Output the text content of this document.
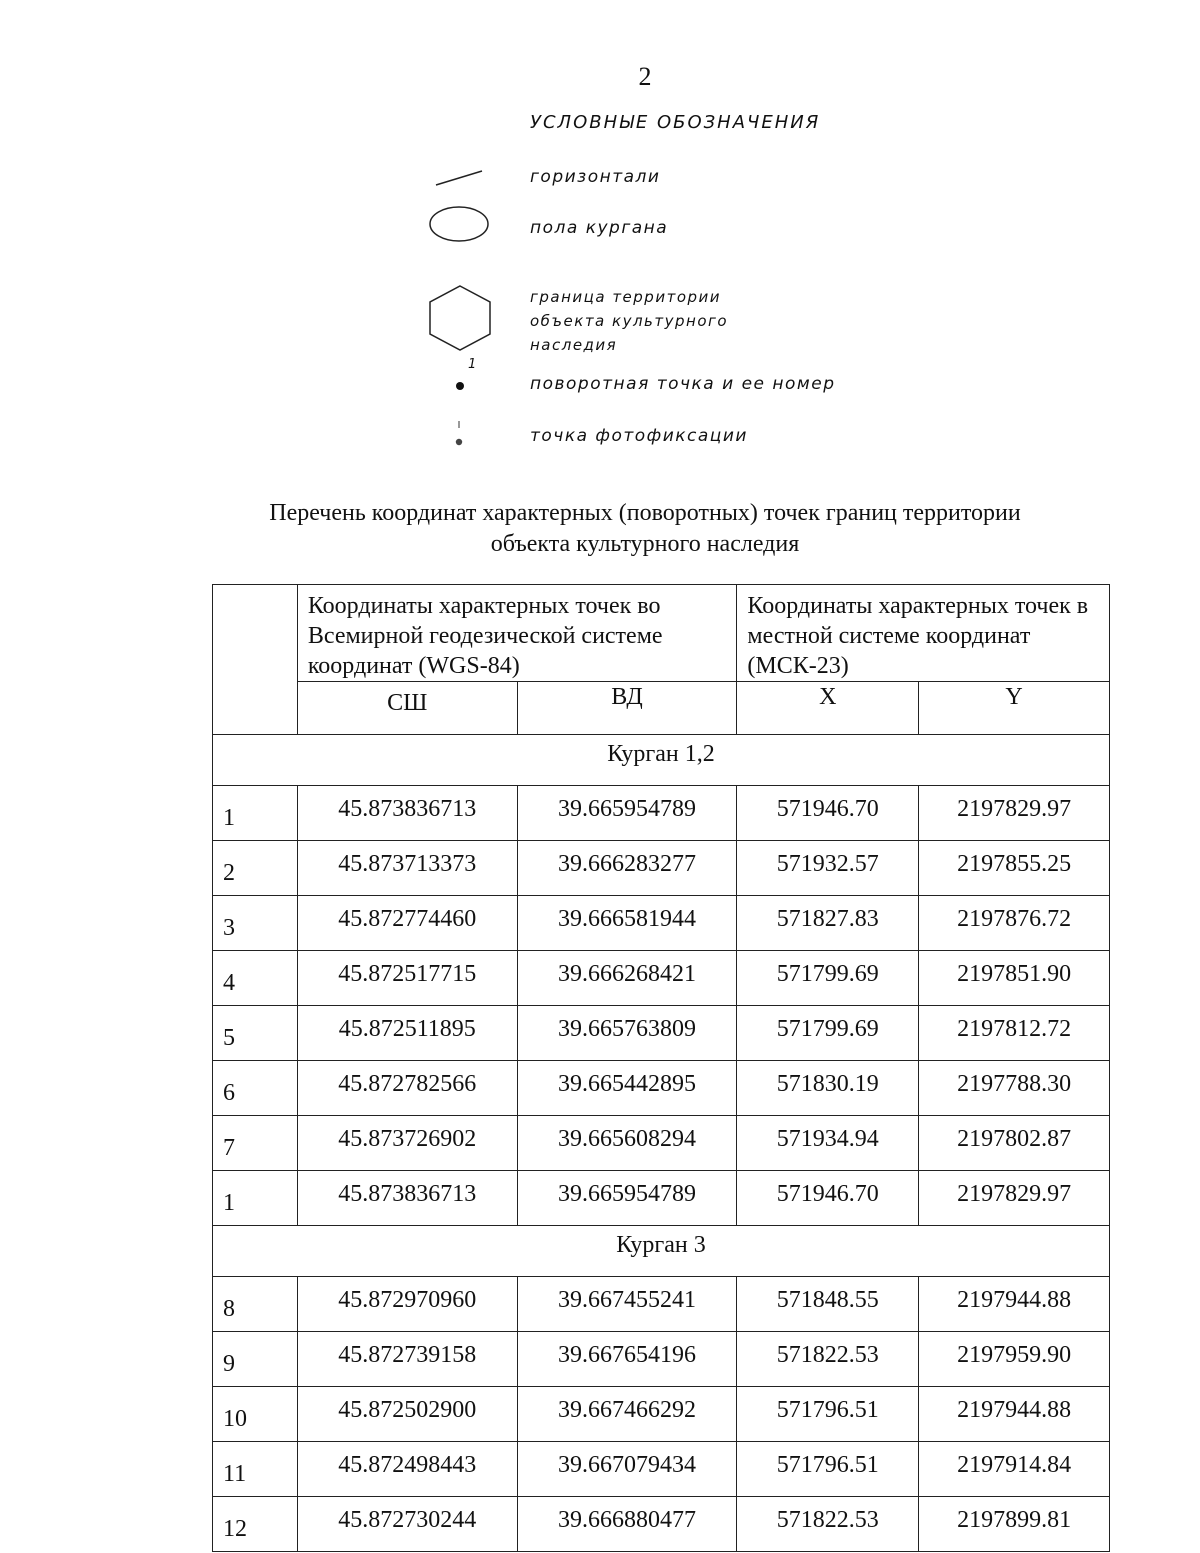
2
УСЛОВНЫЕ ОБОЗНАЧЕНИЯ
горизонтали
пола кургана
граница территории
объекта культурного
наследия
1
поворотная точка и ее номер
точка фотофиксации
Перечень координат характерных (поворотных) точек границ территории
объекта культурного наследия
	Координаты характерных точек во Всемирной геодезической системе координат (WGS-84)		Координаты характерных точек в местной системе координат (МСК-23)	
	СШ	ВД	X	Y
Курган 1,2				
1	45.873836713	39.665954789	571946.70	2197829.97
2	45.873713373	39.666283277	571932.57	2197855.25
3	45.872774460	39.666581944	571827.83	2197876.72
4	45.872517715	39.666268421	571799.69	2197851.90
5	45.872511895	39.665763809	571799.69	2197812.72
6	45.872782566	39.665442895	571830.19	2197788.30
7	45.873726902	39.665608294	571934.94	2197802.87
1	45.873836713	39.665954789	571946.70	2197829.97
Курган 3				
8	45.872970960	39.667455241	571848.55	2197944.88
9	45.872739158	39.667654196	571822.53	2197959.90
10	45.872502900	39.667466292	571796.51	2197944.88
11	45.872498443	39.667079434	571796.51	2197914.84
12	45.872730244	39.666880477	571822.53	2197899.81
